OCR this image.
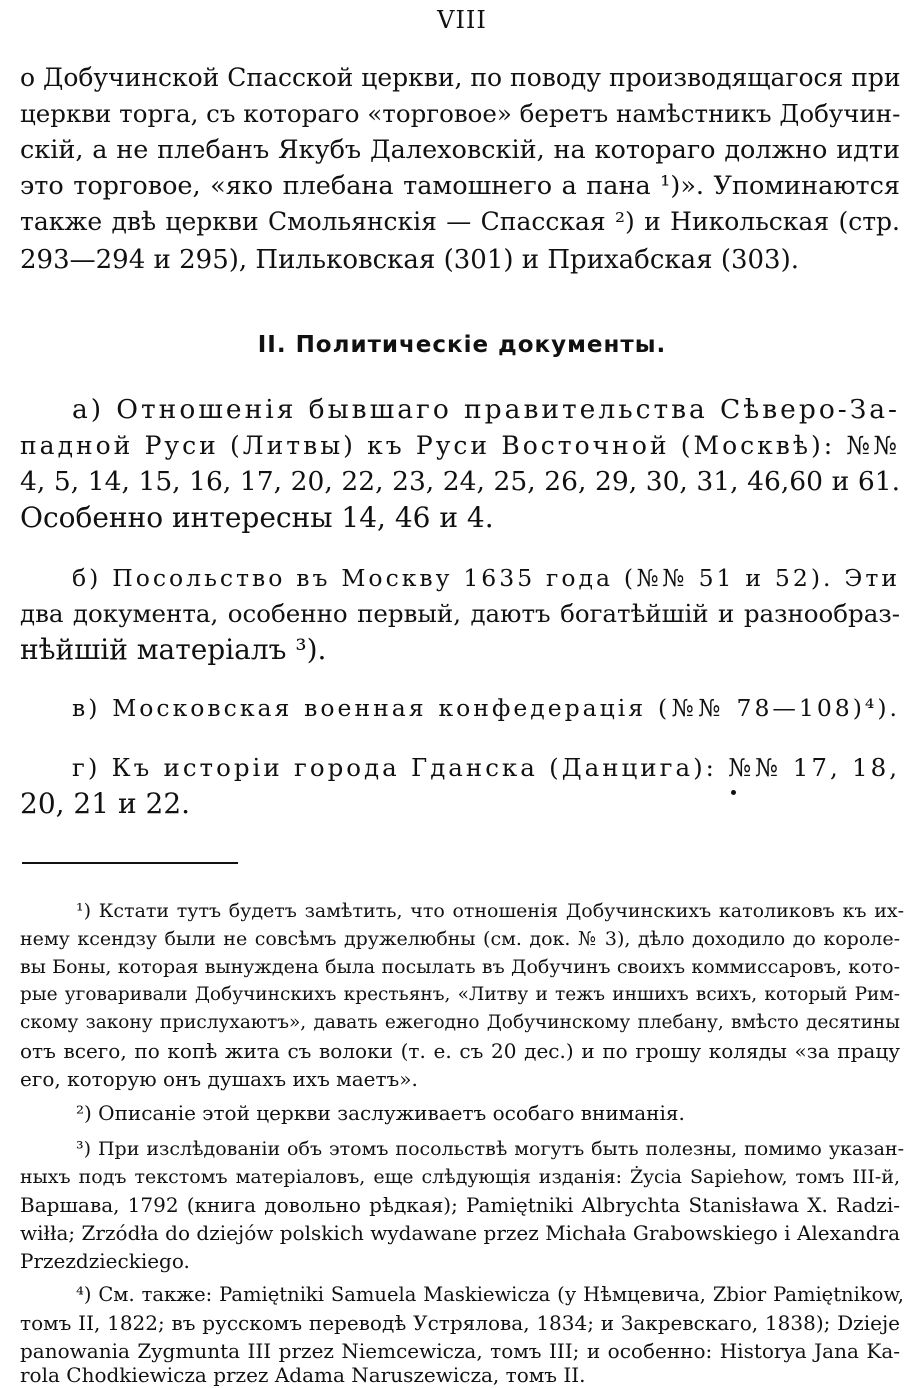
VIII
о Добучинской Спасской церкви, по поводу производящагося при
церкви торга, съ котораго «торговое» беретъ намѣстникъ Добучин-
скій, а не плебанъ Якубъ Далеховскій, на котораго должно идти
это торговое, «яко плебана тамошнего а пана ¹)». Упоминаются
также двѣ церкви Смольянскія — Спасская ²) и Никольская (стр.
293—294 и 295), Пильковская (301) и Прихабская (303).
II. Политическіе документы.
а) Отношенія бывшаго правительства Сѣверо-За-
падной Руси (Литвы) къ Руси Восточной (Москвѣ): №№
4, 5, 14, 15, 16, 17, 20, 22, 23, 24, 25, 26, 29, 30, 31, 46,60 и 61.
Особенно интересны 14, 46 и 4.
б) Посольство въ Москву 1635 года (№№ 51 и 52). Эти
два документа, особенно первый, даютъ богатѣйшій и разнообраз-
нѣйшій матеріалъ ³).
в) Московская военная конфедерація (№№ 78—108)⁴).
г) Къ исторіи города Гданска (Данцига): №№ 17, 18,
20, 21 и 22.
¹) Кстати тутъ будетъ замѣтить, что отношенія Добучинскихъ католиковъ къ их-
нему ксендзу были не совсѣмъ дружелюбны (см. док. № 3), дѣло доходило до короле-
вы Боны, которая вынуждена была посылать въ Добучинъ своихъ коммиссаровъ, кото-
рые уговаривали Добучинскихъ крестьянъ, «Литву и тежъ иншихъ всихъ, который Рим-
скому закону прислухаютъ», давать ежегодно Добучинскому плебану, вмѣсто десятины
отъ всего, по копѣ жита съ волоки (т. е. съ 20 дес.) и по грошу коляды «за працу
его, которую онъ душахъ ихъ маетъ».
²) Описаніе этой церкви заслуживаетъ особаго вниманія.
³) При изслѣдованіи объ этомъ посольствѣ могутъ быть полезны, помимо указан-
ныхъ подъ текстомъ матеріаловъ, еще слѣдующія изданія: Życia Sapiehow, томъ III-й,
Варшава, 1792 (книга довольно рѣдкая); Pamiętniki Albrychta Stanisława X. Radzi-
wiłła; Zrzódła do dziejów polskich wydawane przez Michała Grabowskiego i Alexandra
Przezdzieckiego.
⁴) См. также: Pamiętniki Samuela Maskiewicza (у Нѣмцевича, Zbior Pamiętnikow,
томъ II, 1822; въ русскомъ переводѣ Устрялова, 1834; и Закревскаго, 1838); Dzieje
panowania Zygmunta III przez Niemcewicza, томъ III; и особенно: Historya Jana Ka-
rola Chodkiewicza przez Adama Naruszewicza, томъ II.
